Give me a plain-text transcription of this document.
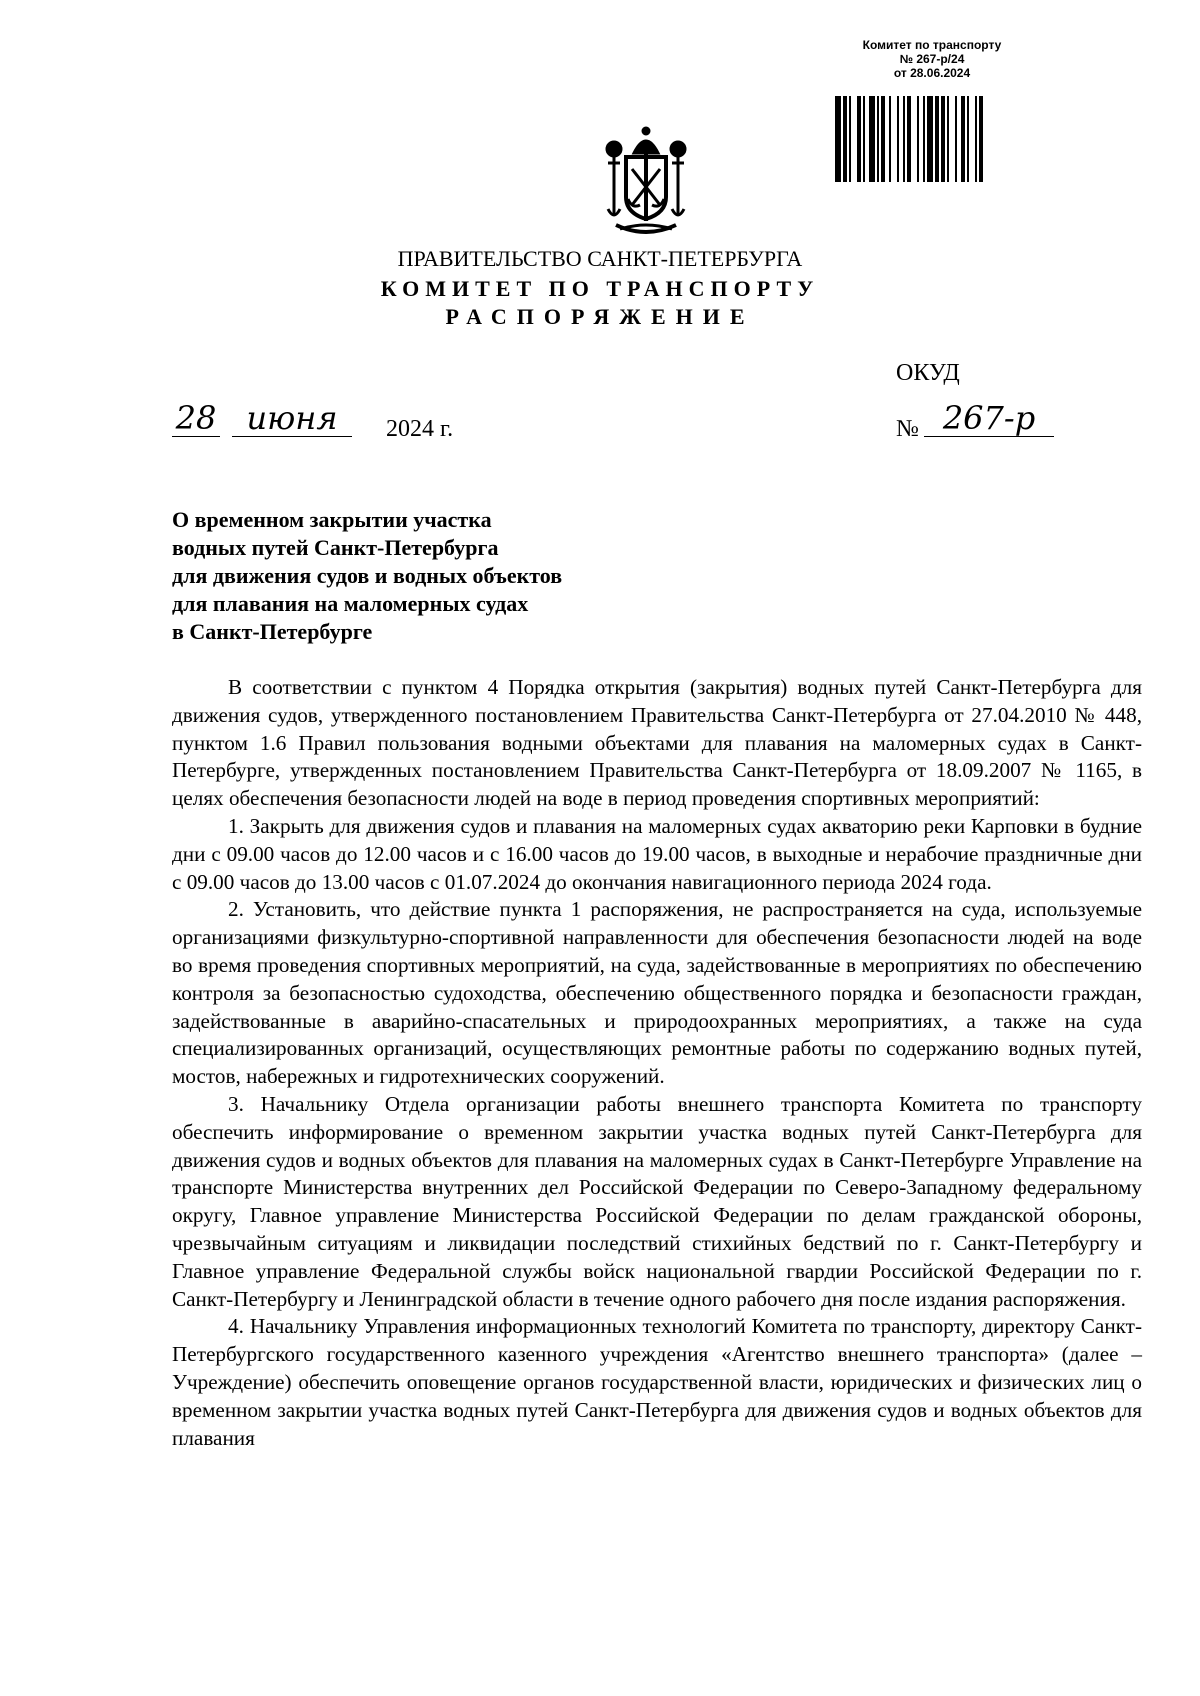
Комитет по транспорту
№ 267-р/24
от 28.06.2024
ПРАВИТЕЛЬСТВО САНКТ-ПЕТЕРБУРГА
КОМИТЕТ ПО ТРАНСПОРТУ
РАСПОРЯЖЕНИЕ
ОКУД
28 июня	2024 г.	№ 267-р
О временном закрытии участка
водных путей Санкт-Петербурга
для движения судов и водных объектов
для плавания на маломерных судах
в Санкт-Петербурге

В соответствии с пунктом 4 Порядка открытия (закрытия) водных путей Санкт-Петербурга для движения судов, утвержденного постановлением Правительства Санкт-Петербурга от 27.04.2010 № 448, пунктом 1.6 Правил пользования водными объектами для плавания на маломерных судах в Санкт-Петербурге, утвержденных постановлением Правительства Санкт-Петербурга от 18.09.2007 № 1165, в целях обеспечения безопасности людей на воде в период проведения спортивных мероприятий:

1. Закрыть для движения судов и плавания на маломерных судах акваторию реки Карповки в будние дни с 09.00 часов до 12.00 часов и с 16.00 часов до 19.00 часов, в выходные и нерабочие праздничные дни с 09.00 часов до 13.00 часов с 01.07.2024 до окончания навигационного периода 2024 года.

2. Установить, что действие пункта 1 распоряжения, не распространяется на суда, используемые организациями физкультурно-спортивной направленности для обеспечения безопасности людей на воде во время проведения спортивных мероприятий, на суда, задействованные в мероприятиях по обеспечению контроля за безопасностью судоходства, обеспечению общественного порядка и безопасности граждан, задействованные в аварийно-спасательных и природоохранных мероприятиях, а также на суда специализированных организаций, осуществляющих ремонтные работы по содержанию водных путей, мостов, набережных и гидротехнических сооружений.

3. Начальнику Отдела организации работы внешнего транспорта Комитета по транспорту обеспечить информирование о временном закрытии участка водных путей Санкт-Петербурга для движения судов и водных объектов для плавания на маломерных судах в Санкт-Петербурге Управление на транспорте Министерства внутренних дел Российской Федерации по Северо-Западному федеральному округу, Главное управление Министерства Российской Федерации по делам гражданской обороны, чрезвычайным ситуациям и ликвидации последствий стихийных бедствий по г. Санкт-Петербургу и Главное управление Федеральной службы войск национальной гвардии Российской Федерации по г. Санкт-Петербургу и Ленинградской области в течение одного рабочего дня после издания распоряжения.

4. Начальнику Управления информационных технологий Комитета по транспорту, директору Санкт-Петербургского государственного казенного учреждения «Агентство внешнего транспорта» (далее – Учреждение) обеспечить оповещение органов государственной власти, юридических и физических лиц о временном закрытии участка водных путей Санкт-Петербурга для движения судов и водных объектов для плавания
